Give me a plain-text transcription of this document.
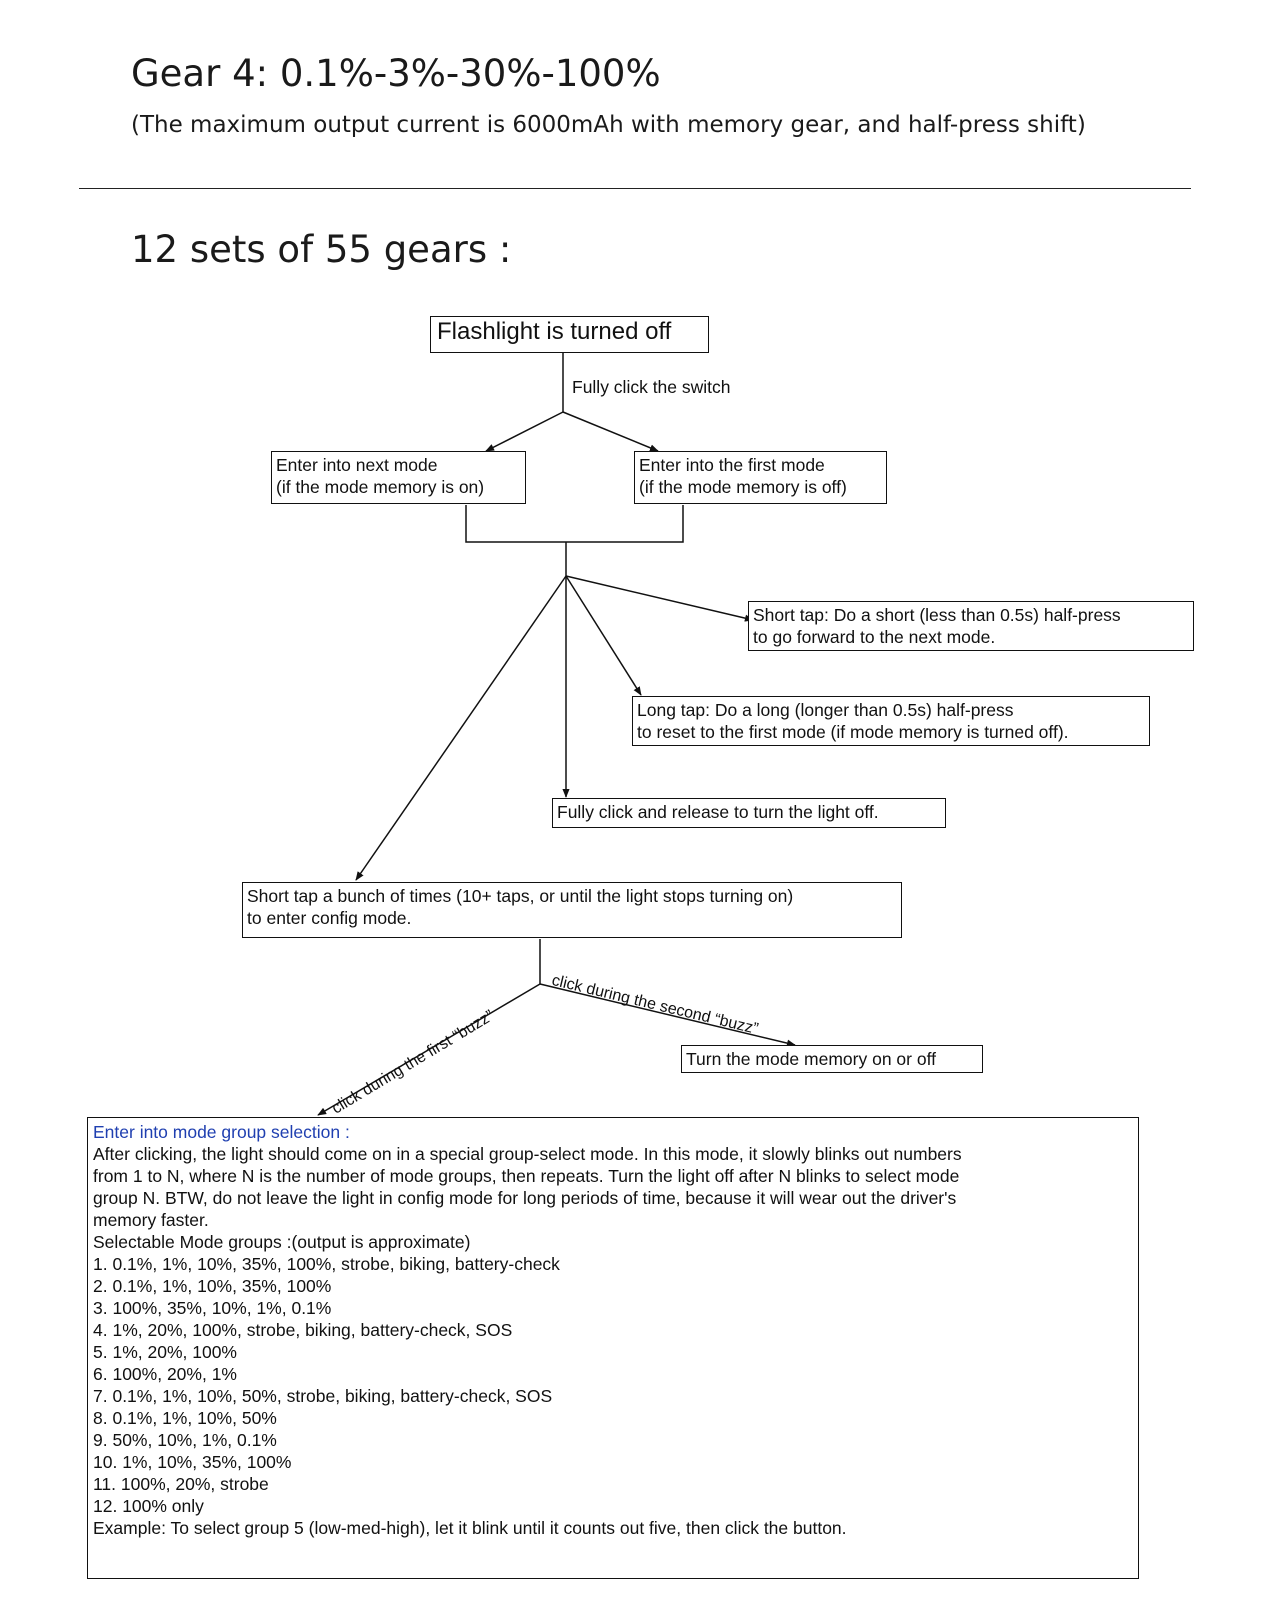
Gear 4: 0.1%-3%-30%-100%

(The maximum output current is 6000mAh with memory gear, and half-press shift)

12 sets of 55 gears :
Flashlight is turned off
Fully click the switch
Enter into next mode
(if the mode memory is on)
Enter into the first mode
(if the mode memory is off)
Short tap: Do a short (less than 0.5s) half-press
to go forward to the next mode.
Long tap: Do a long (longer than 0.5s) half-press
to reset to the first mode (if mode memory is turned off).
Fully click and release to turn the light off.
Short tap a bunch of times (10+ taps, or until the light stops turning on)
to enter config mode.
click during the first “buzz”
click during the second “buzz”
Turn the mode memory on or off
Enter into mode group selection :
After clicking, the light should come on in a special group-select mode. In this mode, it slowly blinks out numbers
from 1 to N, where N is the number of mode groups, then repeats. Turn the light off after N blinks to select mode
group N. BTW, do not leave the light in config mode for long periods of time, because it will wear out the driver's
memory faster.
Selectable Mode groups :(output is approximate)
1. 0.1%, 1%, 10%, 35%, 100%, strobe, biking, battery-check
2. 0.1%, 1%, 10%, 35%, 100%
3. 100%, 35%, 10%, 1%, 0.1%
4. 1%, 20%, 100%, strobe, biking, battery-check, SOS
5. 1%, 20%, 100%
6. 100%, 20%, 1%
7. 0.1%, 1%, 10%, 50%, strobe, biking, battery-check, SOS
8. 0.1%, 1%, 10%, 50%
9. 50%, 10%, 1%, 0.1%
10. 1%, 10%, 35%, 100%
11. 100%, 20%, strobe
12. 100% only
Example: To select group 5 (low-med-high), let it blink until it counts out five, then click the button.
